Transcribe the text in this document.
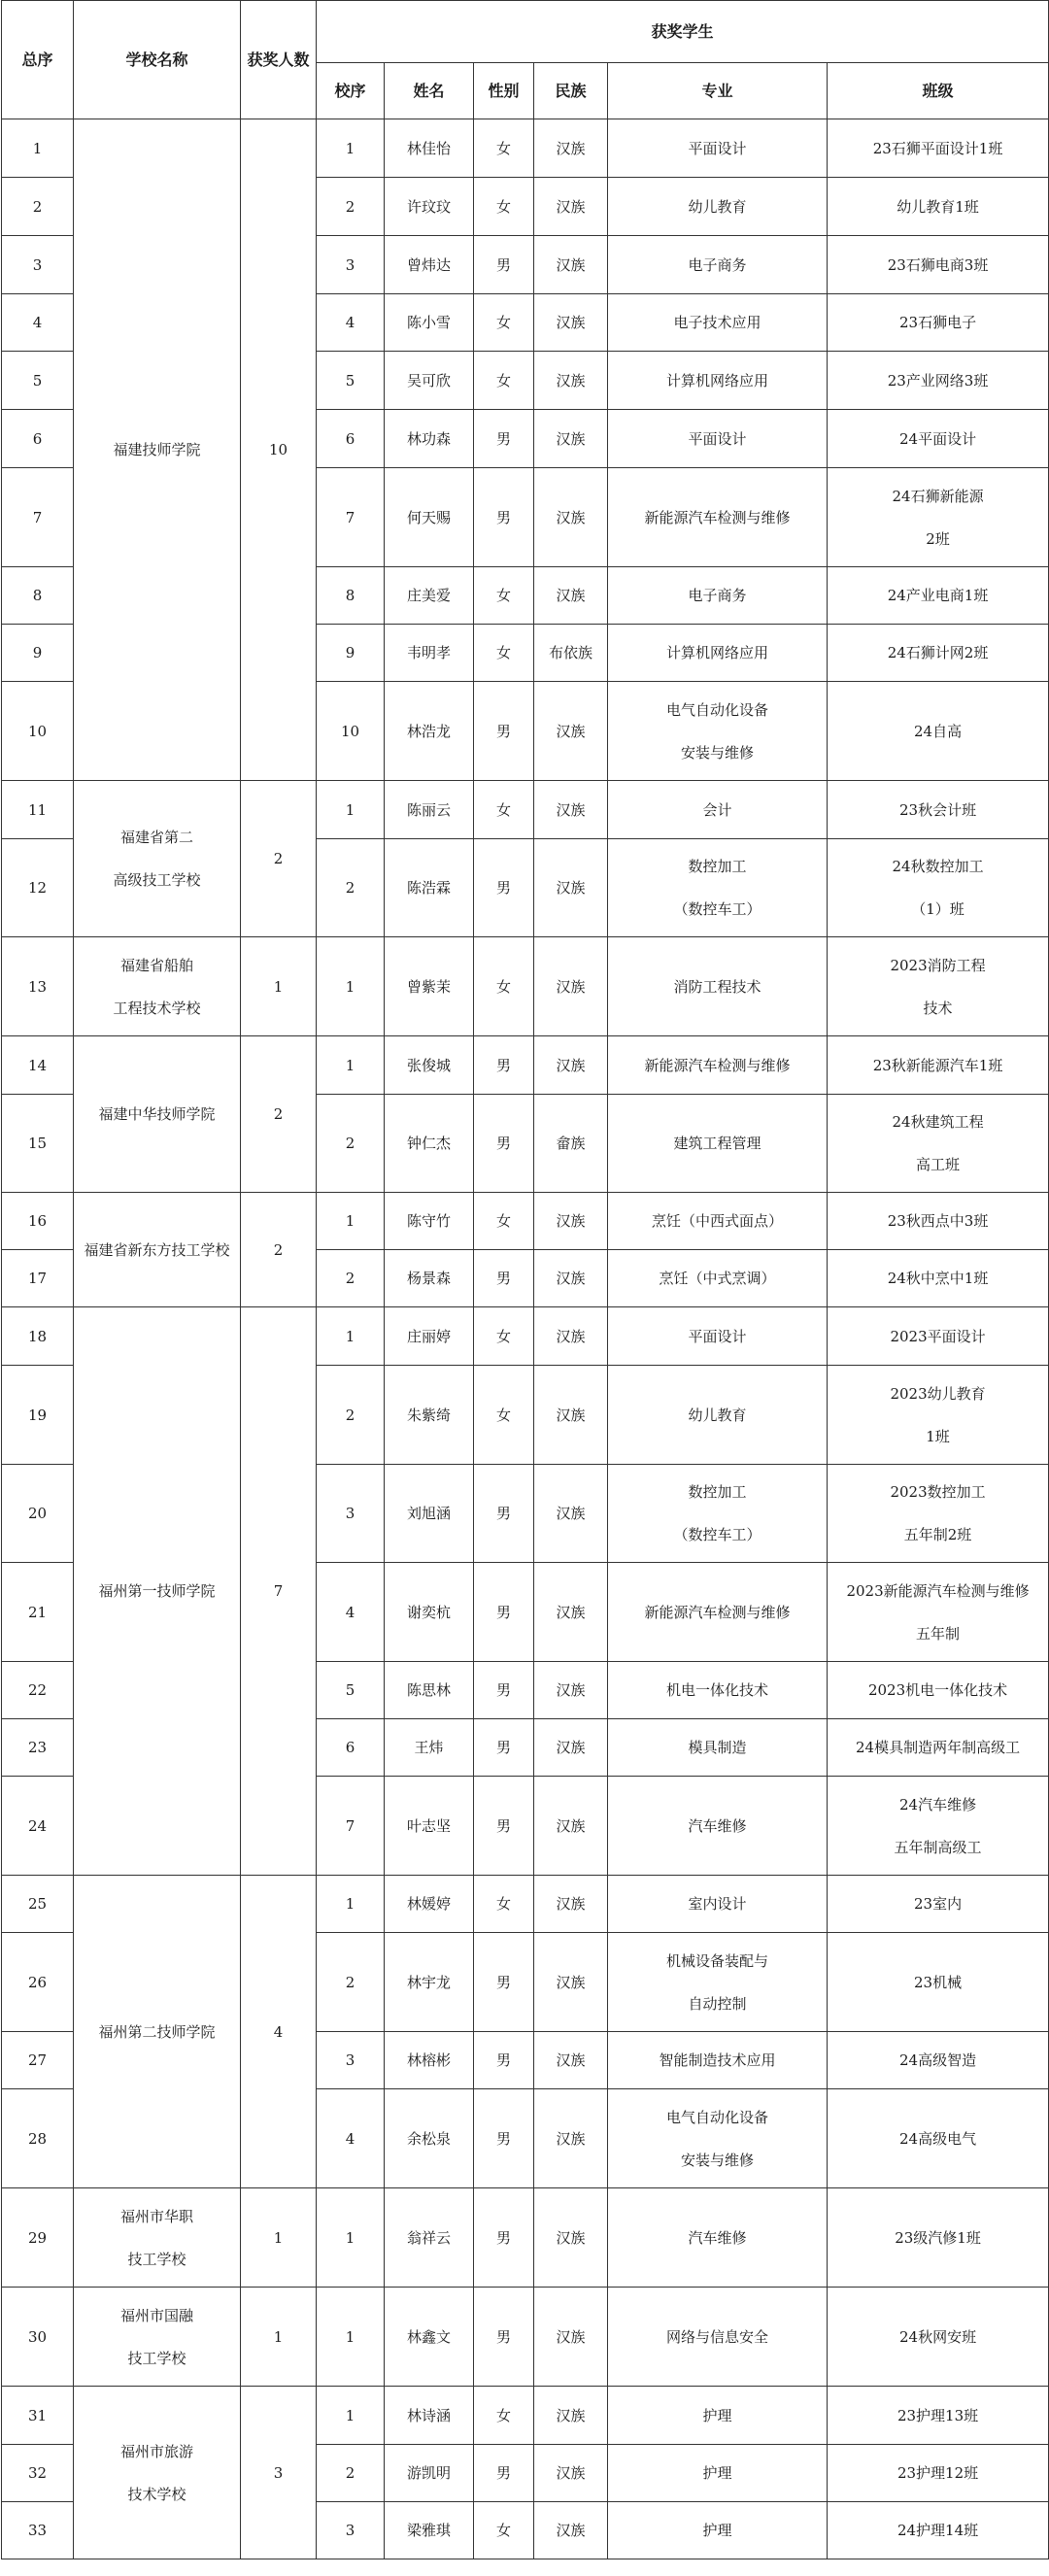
总序	学校名称	获奖人数	获奖学生					
			校序	姓名	性别	民族	专业	班级
1	福建技师学院	10	1	林佳怡	女	汉族	平面设计	23石狮平面设计1班
2			2	许玟玟	女	汉族	幼儿教育	幼儿教育1班
3			3	曾炜达	男	汉族	电子商务	23石狮电商3班
4			4	陈小雪	女	汉族	电子技术应用	23石狮电子
5			5	吴可欣	女	汉族	计算机网络应用	23产业网络3班
6			6	林功森	男	汉族	平面设计	24平面设计
7			7	何天赐	男	汉族	新能源汽车检测与维修	24石狮新能源
2班

8			8	庄美爱	女	汉族	电子商务	24产业电商1班
9			9	韦明孝	女	布依族	计算机网络应用	24石狮计网2班
10			10	林浩龙	男	汉族	电气自动化设备
安装与维修	24自高
11	福建省第二
高级技工学校	2	1	陈丽云	女	汉族	会计	23秋会计班
12			2	陈浩霖	男	汉族	数控加工
（数控车工）	24秋数控加工
（1）班

13	福建省船舶
工程技术学校	1	1	曾紫茉	女	汉族	消防工程技术	2023消防工程
技术

14	福建中华技师学院	2	1	张俊城	男	汉族	新能源汽车检测与维修	23秋新能源汽车1班
15			2	钟仁杰	男	畲族	建筑工程管理	24秋建筑工程
高工班

16	福建省新东方技工学校	2	1	陈守竹	女	汉族	烹饪（中西式面点）	23秋西点中3班
17			2	杨景森	男	汉族	烹饪（中式烹调）	24秋中烹中1班
18	福州第一技师学院	7	1	庄丽婷	女	汉族	平面设计	2023平面设计
19			2	朱紫绮	女	汉族	幼儿教育	2023幼儿教育
1班

20			3	刘旭涵	男	汉族	数控加工
（数控车工）	2023数控加工
五年制2班

21			4	谢奕杭	男	汉族	新能源汽车检测与维修	2023新能源汽车检测与维修
五年制

22			5	陈思林	男	汉族	机电一体化技术	2023机电一体化技术
23			6	王炜	男	汉族	模具制造	24模具制造两年制高级工
24			7	叶志坚	男	汉族	汽车维修	24汽车维修
五年制高级工

25	福州第二技师学院	4	1	林媛婷	女	汉族	室内设计	23室内
26			2	林宇龙	男	汉族	机械设备装配与
自动控制	23机械
27			3	林榕彬	男	汉族	智能制造技术应用	24高级智造
28			4	余松泉	男	汉族	电气自动化设备
安装与维修	24高级电气
29	福州市华职
技工学校	1	1	翁祥云	男	汉族	汽车维修	23级汽修1班
30	福州市国融
技工学校	1	1	林鑫文	男	汉族	网络与信息安全	24秋网安班
31	福州市旅游
技术学校	3	1	林诗涵	女	汉族	护理	23护理13班
32			2	游凯明	男	汉族	护理	23护理12班
33			3	梁雅琪	女	汉族	护理	24护理14班
